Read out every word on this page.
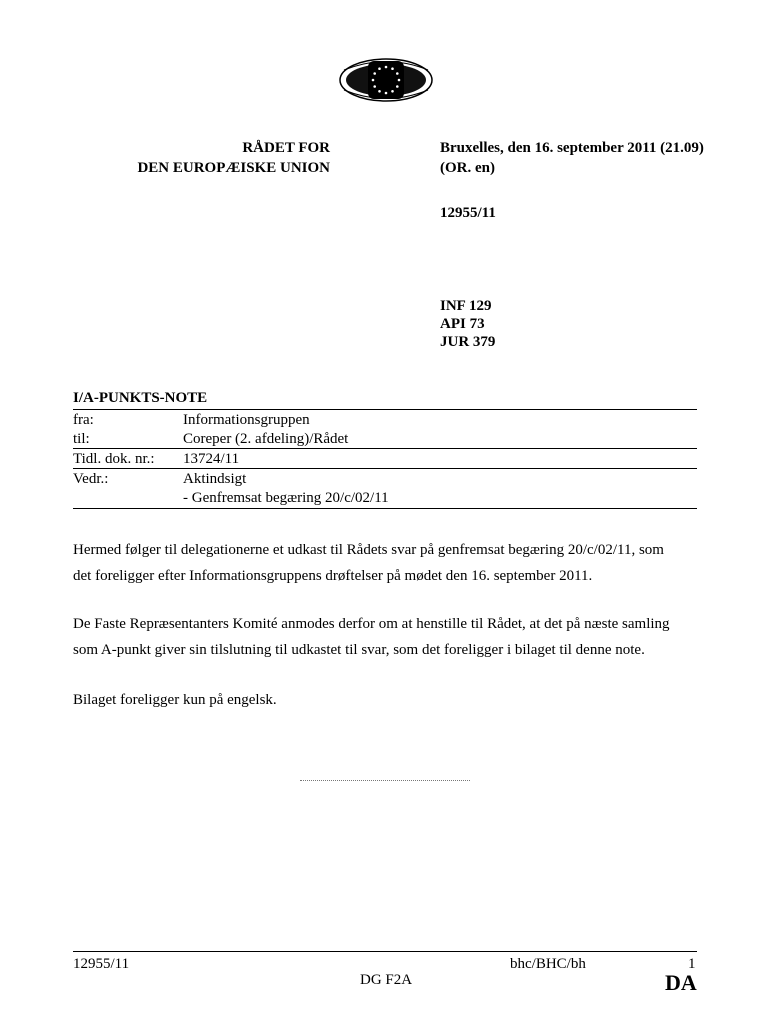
RÅDET FOR
DEN EUROPÆISKE UNION
Bruxelles, den 16. september 2011 (21.09)
(OR. en)
12955/11
INF 129
API 73
JUR 379
I/A-PUNKTS-NOTE
fra:	Informationsgruppen
til:	Coreper (2. afdeling)/Rådet
Tidl. dok. nr.: 13724/11
Vedr.:	Aktindsigt
- Genfremsat begæring 20/c/02/11
Hermed følger til delegationerne et udkast til Rådets svar på genfremsat begæring 20/c/02/11, som
det foreligger efter Informationsgruppens drøftelser på mødet den 16. september 2011.
De Faste Repræsentanters Komité anmodes derfor om at henstille til Rådet, at det på næste samling
som A-punkt giver sin tilslutning til udkastet til svar, som det foreligger i bilaget til denne note.
Bilaget foreligger kun på engelsk.
12955/11	bhc/BHC/bh	1
DG F2A	DA
